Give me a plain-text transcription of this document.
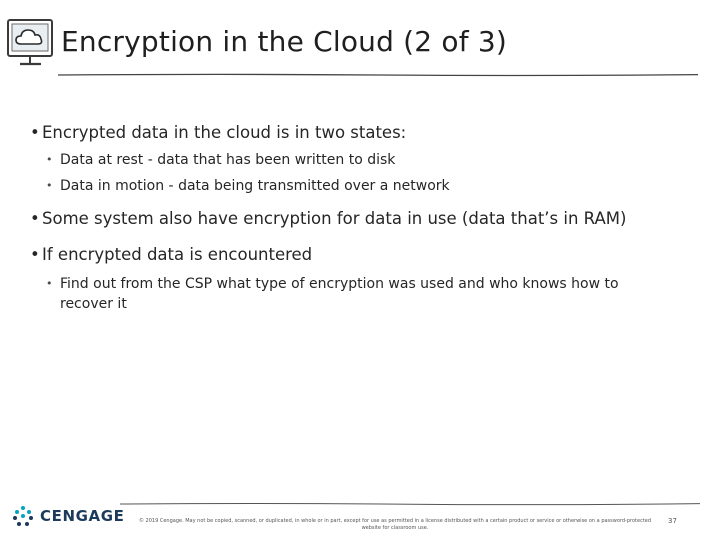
Encryption in the Cloud (2 of 3)
• Encrypted data in the cloud is in two states:
• Data at rest - data that has been written to disk
• Data in motion - data being transmitted over a network
• Some system also have encryption for data in use (data that’s in RAM)
• If encrypted data is encountered
• Find out from the CSP what type of encryption was used and who knows how to recover it
CENGAGE	© 2019 Cengage. May not be copied, scanned, or duplicated, in whole or in part, except for use as permitted in a license distributed with a certain product or service or otherwise on a password-protected website for classroom use.
37
